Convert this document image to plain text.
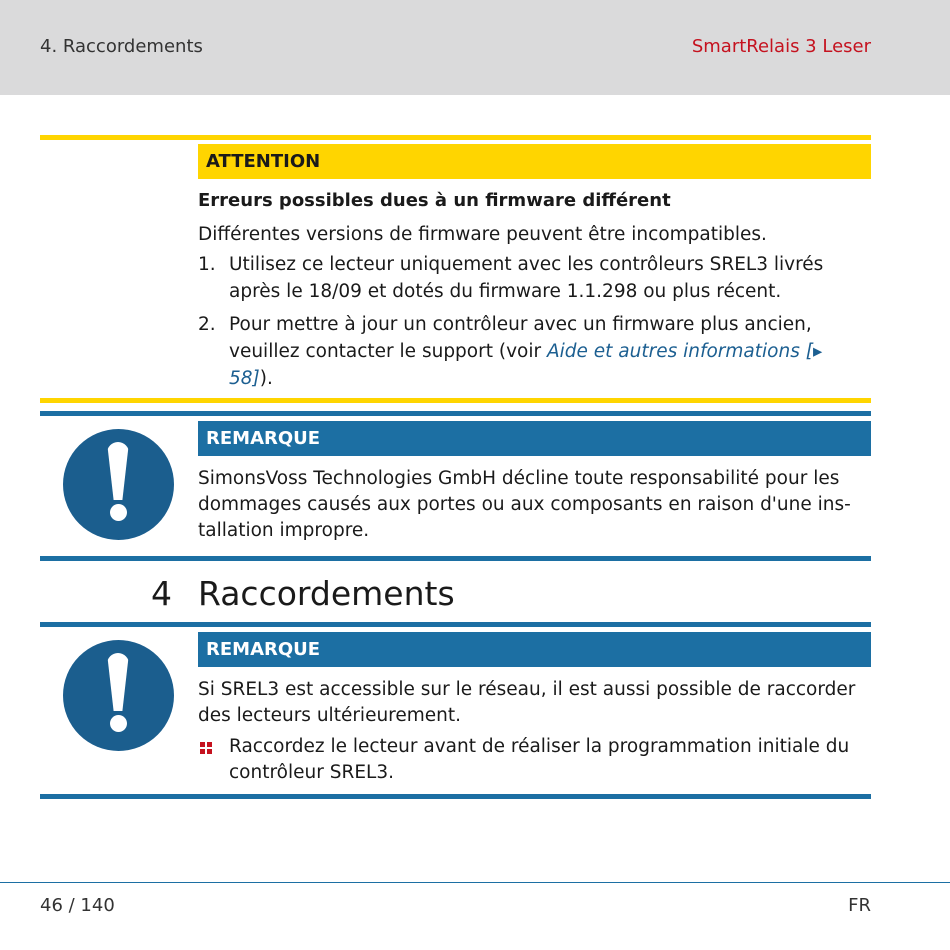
4. Raccordements	SmartRelais 3 Leser
ATTENTION
Erreurs possibles dues à un firmware différent
Différentes versions de firmware peuvent être incompatibles.
1. Utilisez ce lecteur uniquement avec les contrôleurs SREL3 livrés après le 18/09 et dotés du firmware 1.1.298 ou plus récent.
2. Pour mettre à jour un contrôleur avec un firmware plus ancien, veuillez contacter le support (voir Aide et autres informations [▸ 58]).
REMARQUE
SimonsVoss Technologies GmbH décline toute responsabilité pour les dommages causés aux portes ou aux composants en raison d'une ins-tallation impropre.
4 Raccordements
REMARQUE
Si SREL3 est accessible sur le réseau, il est aussi possible de raccorder des lecteurs ultérieurement.
Raccordez le lecteur avant de réaliser la programmation initiale du contrôleur SREL3.
46 / 140	FR
